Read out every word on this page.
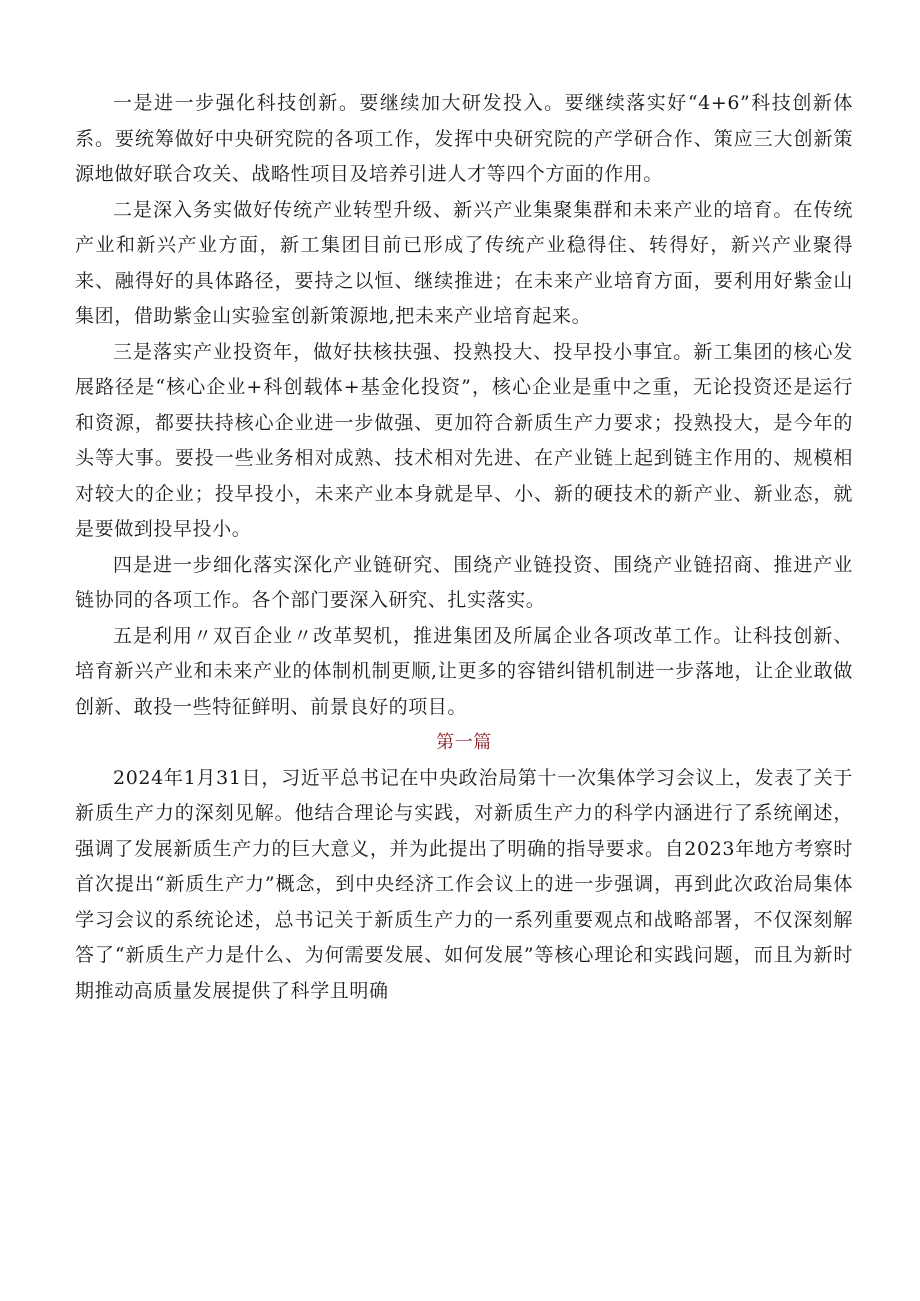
一是进一步强化科技创新。要继续加大研发投入。要继续落实好“4+6”科技创新体系。要统筹做好中央研究院的各项工作，发挥中央研究院的产学研合作、策应三大创新策源地做好联合攻关、战略性项目及培养引进人才等四个方面的作用。

二是深入务实做好传统产业转型升级、新兴产业集聚集群和未来产业的培育。在传统产业和新兴产业方面，新工集团目前已形成了传统产业稳得住、转得好，新兴产业聚得来、融得好的具体路径，要持之以恒、继续推进；在未来产业培育方面，要利用好紫金山集团，借助紫金山实验室创新策源地,把未来产业培育起来。

三是落实产业投资年，做好扶核扶强、投熟投大、投早投小事宜。新工集团的核心发展路径是“核心企业+科创载体+基金化投资”，核心企业是重中之重，无论投资还是运行和资源，都要扶持核心企业进一步做强、更加符合新质生产力要求；投熟投大，是今年的头等大事。要投一些业务相对成熟、技术相对先进、在产业链上起到链主作用的、规模相对较大的企业；投早投小，未来产业本身就是早、小、新的硬技术的新产业、新业态，就是要做到投早投小。

四是进一步细化落实深化产业链研究、围绕产业链投资、围绕产业链招商、推进产业链协同的各项工作。各个部门要深入研究、扎实落实。

五是利用〃双百企业〃改革契机，推进集团及所属企业各项改革工作。让科技创新、培育新兴产业和未来产业的体制机制更顺,让更多的容错纠错机制进一步落地，让企业敢做创新、敢投一些特征鲜明、前景良好的项目。

第一篇

2024年1月31日，习近平总书记在中央政治局第十一次集体学习会议上，发表了关于新质生产力的深刻见解。他结合理论与实践，对新质生产力的科学内涵进行了系统阐述，强调了发展新质生产力的巨大意义，并为此提出了明确的指导要求。自2023年地方考察时首次提出“新质生产力”概念，到中央经济工作会议上的进一步强调，再到此次政治局集体学习会议的系统论述，总书记关于新质生产力的一系列重要观点和战略部署，不仅深刻解答了“新质生产力是什么、为何需要发展、如何发展”等核心理论和实践问题，而且为新时期推动高质量发展提供了科学且明确
